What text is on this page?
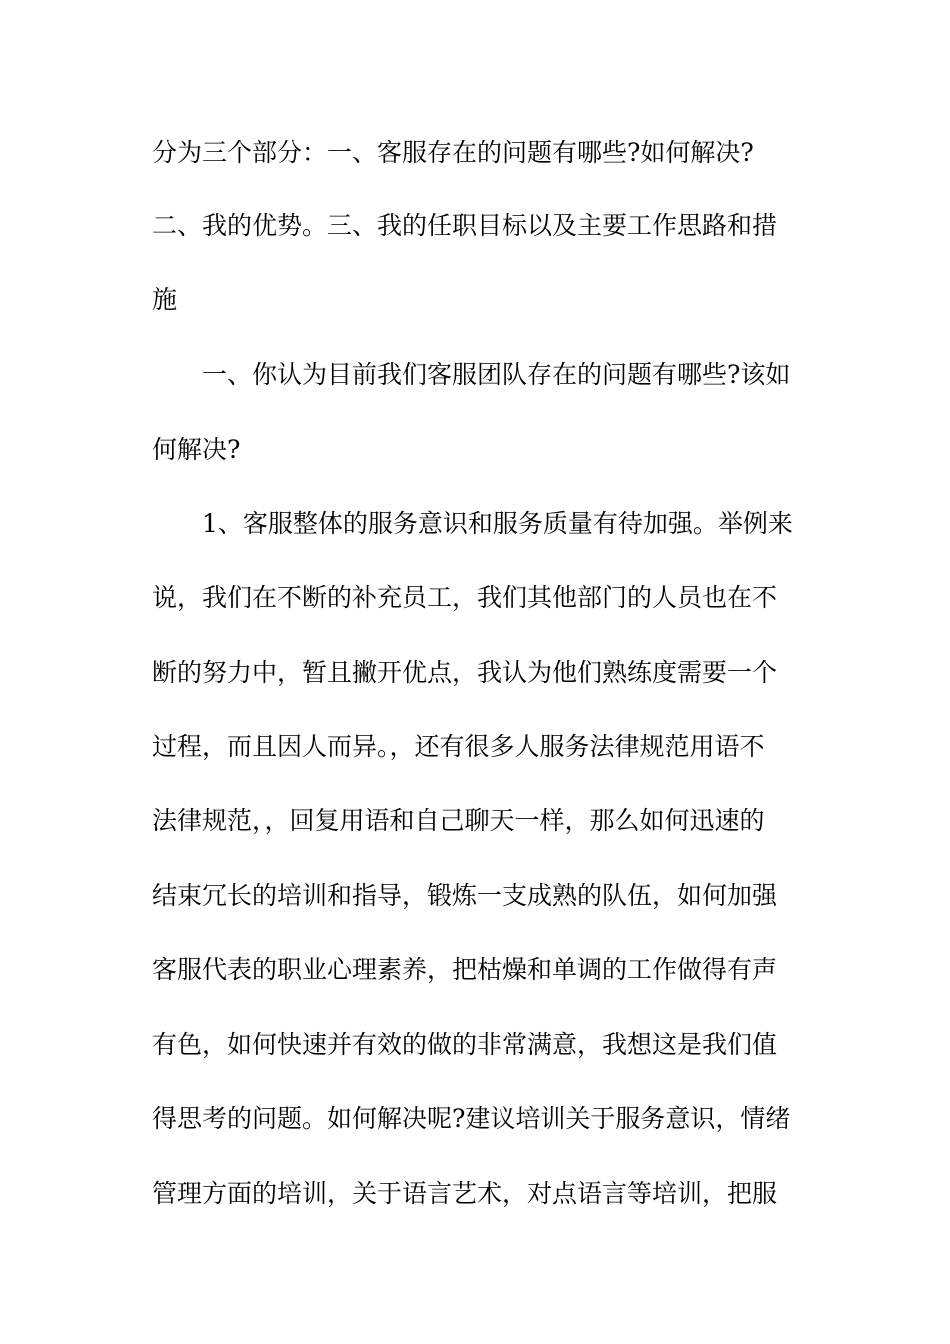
分为三个部分：一、客服存在的问题有哪些?如何解决?
二、我的优势。三、我的任职目标以及主要工作思路和措
施
一、你认为目前我们客服团队存在的问题有哪些?该如
何解决?
1、客服整体的服务意识和服务质量有待加强。举例来
说，我们在不断的补充员工，我们其他部门的人员也在不
断的努力中，暂且撇开优点，我认为他们熟练度需要一个
过程，而且因人而异。，还有很多人服务法律规范用语不
法律规范，，回复用语和自己聊天一样，那么如何迅速的
结束冗长的培训和指导，锻炼一支成熟的队伍，如何加强
客服代表的职业心理素养，把枯燥和单调的工作做得有声
有色，如何快速并有效的做的非常满意，我想这是我们值
得思考的问题。如何解决呢?建议培训关于服务意识，情绪
管理方面的培训，关于语言艺术，对点语言等培训，把服
